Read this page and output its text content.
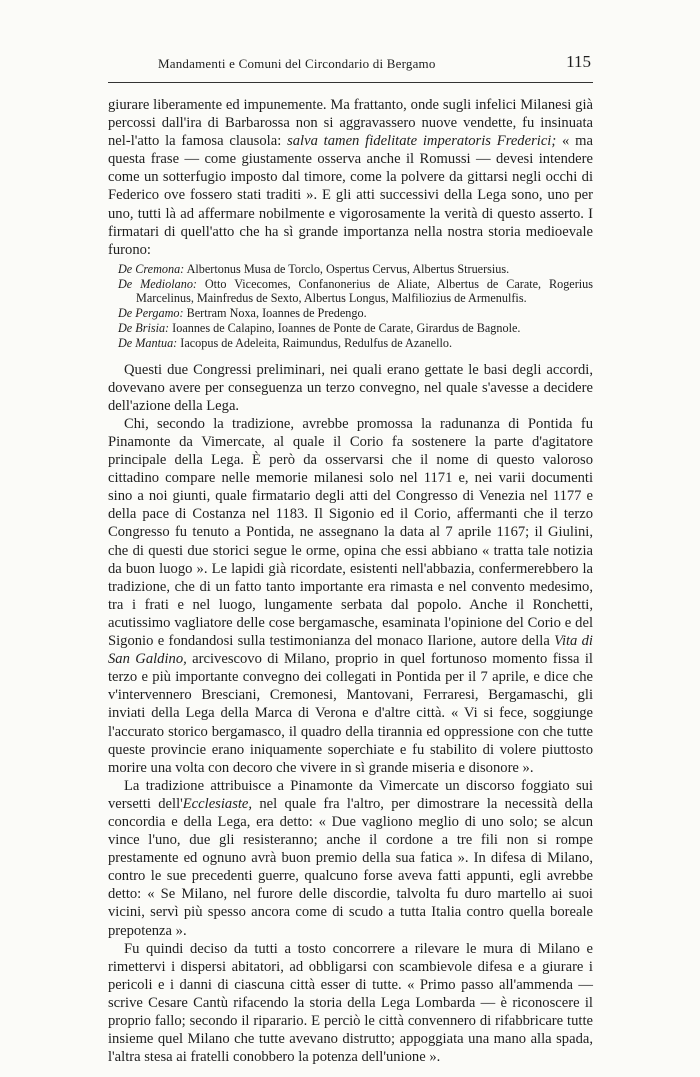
Mandamenti e Comuni del Circondario di Bergamo	115

giurare liberamente ed impunemente. Ma frattanto, onde sugli infelici Milanesi già percossi dall'ira di Barbarossa non si aggravassero nuove vendette, fu insinuata nel-l'atto la famosa clausola: salva tamen fidelitate imperatoris Frederici; « ma questa frase — come giustamente osserva anche il Romussi — devesi intendere come un sotterfugio imposto dal timore, come la polvere da gittarsi negli occhi di Federico ove fossero stati traditi ». E gli atti successivi della Lega sono, uno per uno, tutti là ad affermare nobilmente e vigorosamente la verità di questo asserto. I firmatari di quell'atto che ha sì grande importanza nella nostra storia medioevale furono:

De Cremona: Albertonus Musa de Torclo, Ospertus Cervus, Albertus Struersius.
De Mediolano: Otto Vicecomes, Confanonerius de Aliate, Albertus de Carate, Rogerius Marcelinus, Mainfredus de Sexto, Albertus Longus, Malfiliozius de Armenulfis.
De Pergamo: Bertram Noxa, Ioannes de Predengo.
De Brisia: Ioannes de Calapino, Ioannes de Ponte de Carate, Girardus de Bagnole.
De Mantua: Iacopus de Adeleita, Raimundus, Redulfus de Azanello.

Questi due Congressi preliminari, nei quali erano gettate le basi degli accordi, dovevano avere per conseguenza un terzo convegno, nel quale s'avesse a decidere dell'azione della Lega.

Chi, secondo la tradizione, avrebbe promossa la radunanza di Pontida fu Pinamonte da Vimercate, al quale il Corio fa sostenere la parte d'agitatore principale della Lega. È però da osservarsi che il nome di questo valoroso cittadino compare nelle memorie milanesi solo nel 1171 e, nei varii documenti sino a noi giunti, quale firmatario degli atti del Congresso di Venezia nel 1177 e della pace di Costanza nel 1183. Il Sigonio ed il Corio, affermanti che il terzo Congresso fu tenuto a Pontida, ne assegnano la data al 7 aprile 1167; il Giulini, che di questi due storici segue le orme, opina che essi abbiano « tratta tale notizia da buon luogo ». Le lapidi già ricordate, esistenti nell'abbazia, confermerebbero la tradizione, che di un fatto tanto importante era rimasta e nel convento medesimo, tra i frati e nel luogo, lungamente serbata dal popolo. Anche il Ronchetti, acutissimo vagliatore delle cose bergamasche, esaminata l'opinione del Corio e del Sigonio e fondandosi sulla testimonianza del monaco Ilarione, autore della Vita di San Galdino, arcivescovo di Milano, proprio in quel fortunoso momento fissa il terzo e più importante convegno dei collegati in Pontida per il 7 aprile, e dice che v'intervennero Bresciani, Cremonesi, Mantovani, Ferraresi, Bergamaschi, gli inviati della Lega della Marca di Verona e d'altre città. « Vi si fece, soggiunge l'accurato storico bergamasco, il quadro della tirannia ed oppressione con che tutte queste provincie erano iniquamente soperchiate e fu stabilito di volere piuttosto morire una volta con decoro che vivere in sì grande miseria e disonore ».

La tradizione attribuisce a Pinamonte da Vimercate un discorso foggiato sui versetti dell'Ecclesiaste, nel quale fra l'altro, per dimostrare la necessità della concordia e della Lega, era detto: « Due vagliono meglio di uno solo; se alcun vince l'uno, due gli resisteranno; anche il cordone a tre fili non si rompe prestamente ed ognuno avrà buon premio della sua fatica ». In difesa di Milano, contro le sue precedenti guerre, qualcuno forse aveva fatti appunti, egli avrebbe detto: « Se Milano, nel furore delle discordie, talvolta fu duro martello ai suoi vicini, servì più spesso ancora come di scudo a tutta Italia contro quella boreale prepotenza ».

Fu quindi deciso da tutti a tosto concorrere a rilevare le mura di Milano e rimettervi i dispersi abitatori, ad obbligarsi con scambievole difesa e a giurare i pericoli e i danni di ciascuna città esser di tutte. « Primo passo all'ammenda — scrive Cesare Cantù rifacendo la storia della Lega Lombarda — è riconoscere il proprio fallo; secondo il riparario. E perciò le città convennero di rifabbricare tutte insieme quel Milano che tutte avevano distrutto; appoggiata una mano alla spada, l'altra stesa ai fratelli conobbero la potenza dell'unione ».
